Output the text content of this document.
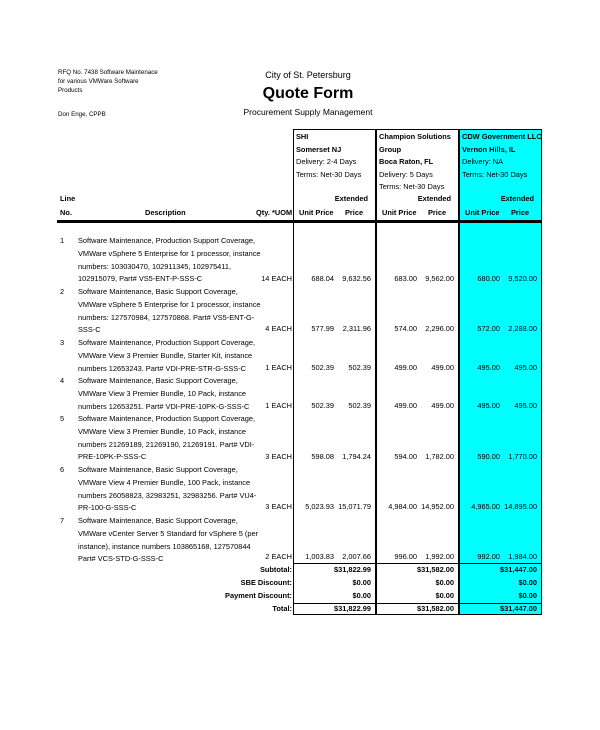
RFQ No. 7438 Software Maintenace
for various VMWare Software
Products
Don Enge, CPPB
City of St. Petersburg
Quote Form
Procurement Supply Management
SHI
Somerset NJ
Delivery: 2-4 Days
Terms: Net-30 Days
Champion Solutions
Group
Boca Raton, FL
Delivery: 5 Days
Terms: Net-30 Days
CDW Government LLC
Vernon Hills, IL
Delivery: NA
Terms: Net-30 Days
Line
No.	Description	Qty. *UOM
Extended
Unit Price Price
Extended
Unit Price Price
Extended
Unit Price Price
1 Software Maintenance, Production Support Coverage, VMWare vSphere 5 Enterprise for 1 processor, instance numbers: 103030470, 102911345, 102975411, 102915079, Part# VS5-ENT-P-SSS-C
2 Software Maintenance, Basic Support Coverage, VMWare vSphere 5 Enterprise for 1 processor, instance numbers: 127570984, 127570868. Part# VS5-ENT-G-SSS-C
3 Software Maintenance, Production Support Coverage, VMWare View 3 Premier Bundle, Starter Kit, instance numbers 12653243. Part# VDI-PRE-STR-G-SSS-C
4 Software Maintenance, Basic Support Coverage, VMWare View 3 Premier Bundle, 10 Pack, instance numbers 12653251. Part# VDI-PRE-10PK-G-SSS-C
5 Software Maintenance, Production Support Coverage, VMWare View 3 Premier Bundle, 10 Pack, instance numbers 21269189, 21269190, 21269191. Part# VDI-PRE-10PK-P-SSS-C
6 Software Maintenance, Basic Support Coverage, VMWare View 4 Premier Bundle, 100 Pack, instance numbers 26058823, 32983251, 32983256. Part# VU4-PR-100-G-SSS-C
7 Software Maintenance, Basic Support Coverage, VMWare vCenter Server 5 Standard for vSphere 5 (per instance), instance numbers 103865168, 127570844 Part# VCS-STD-G-SSS-C
14 EACH
4 EACH
1 EACH
1 EACH
3 EACH
3 EACH
2 EACH
688.04 9,632.56
577.99 2,311.96
502.39 502.39
502.39 502.39
598.08 1,794.24
5,023.93 15,071.79
1,003.83 2,007.66
683.00 9,562.00
574.00 2,296.00
499.00 499.00
499.00 499.00
594.00 1,782.00
4,984.00 14,952.00
996.00 1,992.00
680.00 9,520.00
572.00 2,288.00
495.00 495.00
495.00 495.00
590.00 1,770.00
4,965.00 14,895.00
992.00 1,984.00
Subtotal:
SBE Discount:
Payment Discount:
Total:
$31,822.99
$0.00
$0.00
$31,822.99
$31,582.00
$0.00
$0.00
$31,582.00
$31,447.00
$0.00
$0.00
$31,447.00
